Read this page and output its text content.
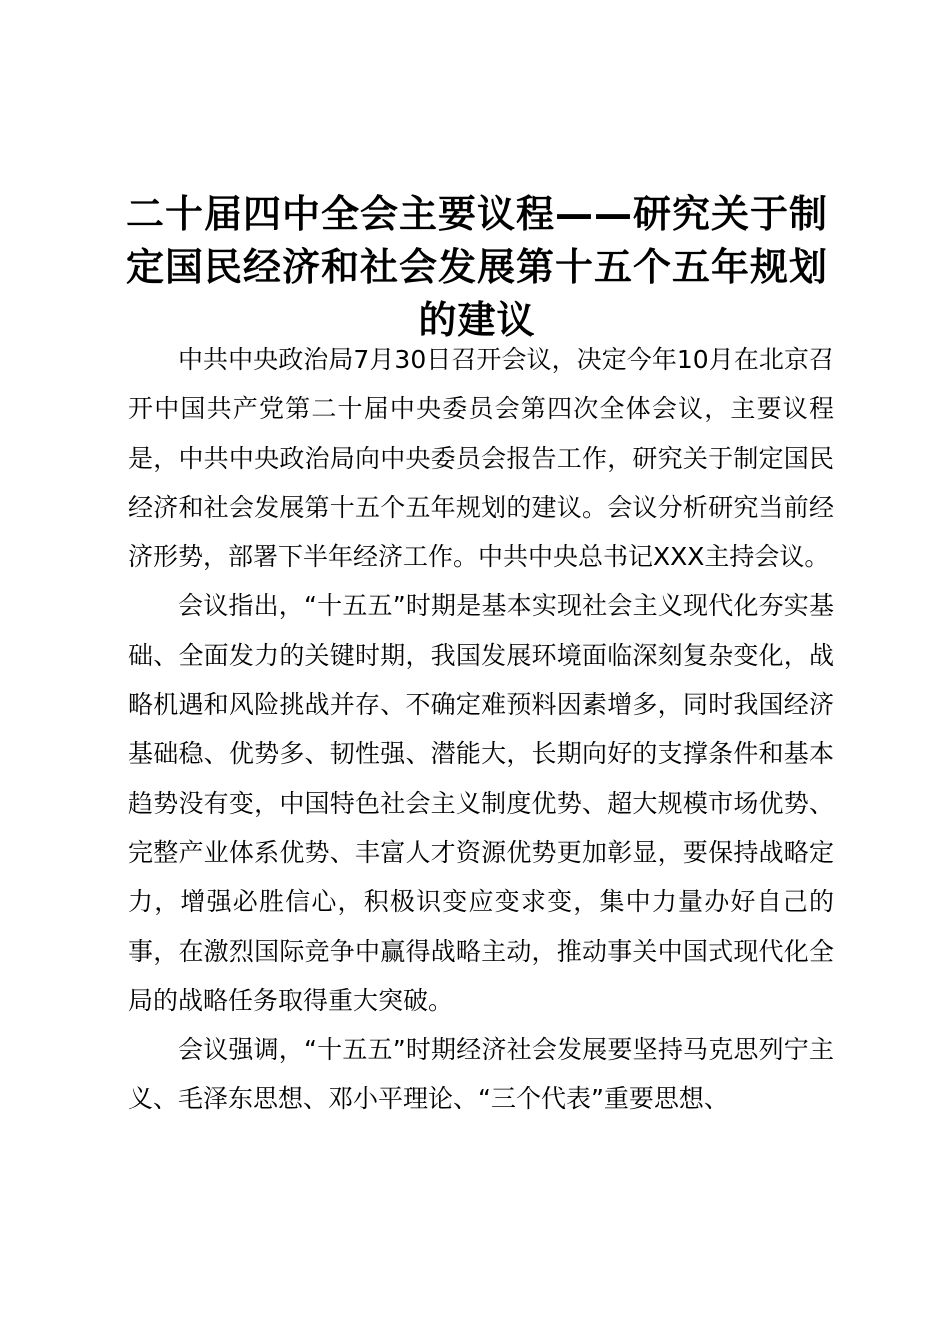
二十届四中全会主要议程——研究关于制定国民经济和社会发展第十五个五年规划的建议

中共中央政治局7月30日召开会议，决定今年10月在北京召开中国共产党第二十届中央委员会第四次全体会议，主要议程是，中共中央政治局向中央委员会报告工作，研究关于制定国民经济和社会发展第十五个五年规划的建议。会议分析研究当前经济形势，部署下半年经济工作。中共中央总书记XXX主持会议。

会议指出，“十五五”时期是基本实现社会主义现代化夯实基础、全面发力的关键时期，我国发展环境面临深刻复杂变化，战略机遇和风险挑战并存、不确定难预料因素增多，同时我国经济基础稳、优势多、韧性强、潜能大，长期向好的支撑条件和基本趋势没有变，中国特色社会主义制度优势、超大规模市场优势、完整产业体系优势、丰富人才资源优势更加彰显，要保持战略定力，增强必胜信心，积极识变应变求变，集中力量办好自己的事，在激烈国际竞争中赢得战略主动，推动事关中国式现代化全局的战略任务取得重大突破。

会议强调，“十五五”时期经济社会发展要坚持马克思列宁主义、毛泽东思想、邓小平理论、“三个代表”重要思想、
